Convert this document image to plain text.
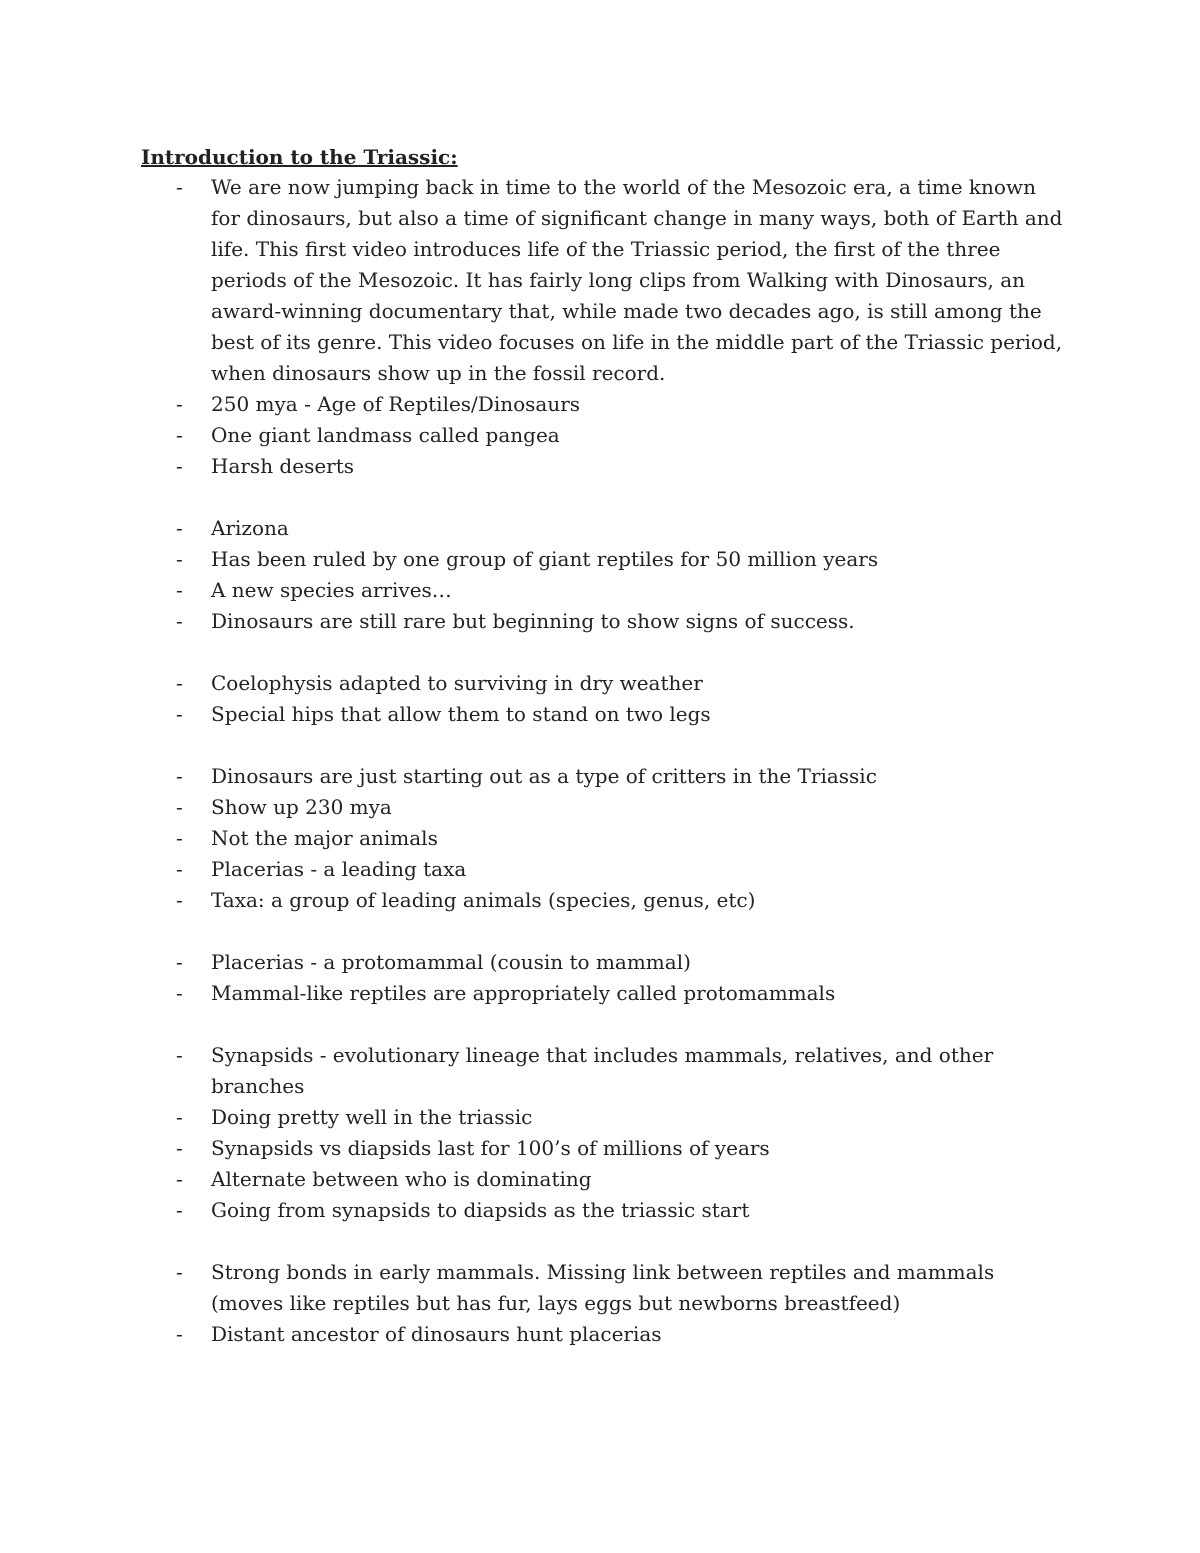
Introduction to the Triassic:
- We are now jumping back in time to the world of the Mesozoic era, a time known for dinosaurs, but also a time of significant change in many ways, both of Earth and life. This first video introduces life of the Triassic period, the first of the three periods of the Mesozoic. It has fairly long clips from Walking with Dinosaurs, an award-winning documentary that, while made two decades ago, is still among the best of its genre. This video focuses on life in the middle part of the Triassic period, when dinosaurs show up in the fossil record.
- 250 mya - Age of Reptiles/Dinosaurs
- One giant landmass called pangea
- Harsh deserts
- Arizona
- Has been ruled by one group of giant reptiles for 50 million years
- A new species arrives…
- Dinosaurs are still rare but beginning to show signs of success.
- Coelophysis adapted to surviving in dry weather
- Special hips that allow them to stand on two legs
- Dinosaurs are just starting out as a type of critters in the Triassic
- Show up 230 mya
- Not the major animals
- Placerias - a leading taxa
- Taxa: a group of leading animals (species, genus, etc)
- Placerias - a protomammal (cousin to mammal)
- Mammal-like reptiles are appropriately called protomammals
- Synapsids - evolutionary lineage that includes mammals, relatives, and other branches
- Doing pretty well in the triassic
- Synapsids vs diapsids last for 100’s of millions of years
- Alternate between who is dominating
- Going from synapsids to diapsids as the triassic start
- Strong bonds in early mammals. Missing link between reptiles and mammals (moves like reptiles but has fur, lays eggs but newborns breastfeed)
- Distant ancestor of dinosaurs hunt placerias
